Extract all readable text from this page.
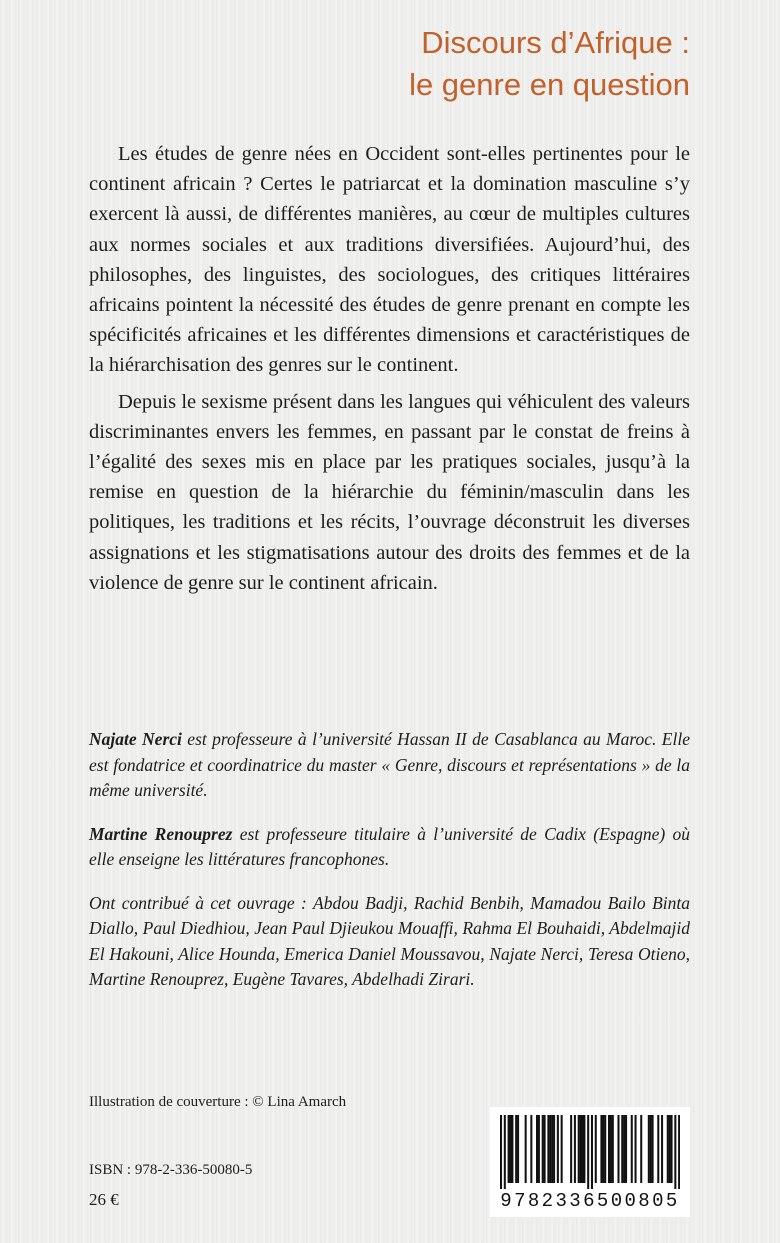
Discours d’Afrique :
le genre en question

Les études de genre nées en Occident sont-elles pertinentes pour le continent africain ? Certes le patriarcat et la domination masculine s’y exercent là aussi, de différentes manières, au cœur de multiples cultures aux normes sociales et aux traditions diversifiées. Aujourd’hui, des philosophes, des linguistes, des sociologues, des critiques littéraires africains pointent la nécessité des études de genre prenant en compte les spécificités africaines et les différentes dimensions et caractéristiques de la hiérarchisation des genres sur le continent.

Depuis le sexisme présent dans les langues qui véhiculent des valeurs discriminantes envers les femmes, en passant par le constat de freins à l’égalité des sexes mis en place par les pratiques sociales, jusqu’à la remise en question de la hiérarchie du féminin/masculin dans les politiques, les traditions et les récits, l’ouvrage déconstruit les diverses assignations et les stigmatisations autour des droits des femmes et de la violence de genre sur le continent africain.

Najate Nerci est professeure à l’université Hassan II de Casablanca au Maroc. Elle est fondatrice et coordinatrice du master « Genre, discours et représentations » de la même université.

Martine Renouprez est professeure titulaire à l’université de Cadix (Espagne) où elle enseigne les littératures francophones.

Ont contribué à cet ouvrage : Abdou Badji, Rachid Benbih, Mamadou Bailo Binta Diallo, Paul Diedhiou, Jean Paul Djieukou Mouaffi, Rahma El Bouhaidi, Abdelmajid El Hakouni, Alice Hounda, Emerica Daniel Moussavou, Najate Nerci, Teresa Otieno, Martine Renouprez, Eugène Tavares, Abdelhadi Zirari.

Illustration de couverture : © Lina Amarch
ISBN : 978-2-336-50080-5
26 €	9782336500805
